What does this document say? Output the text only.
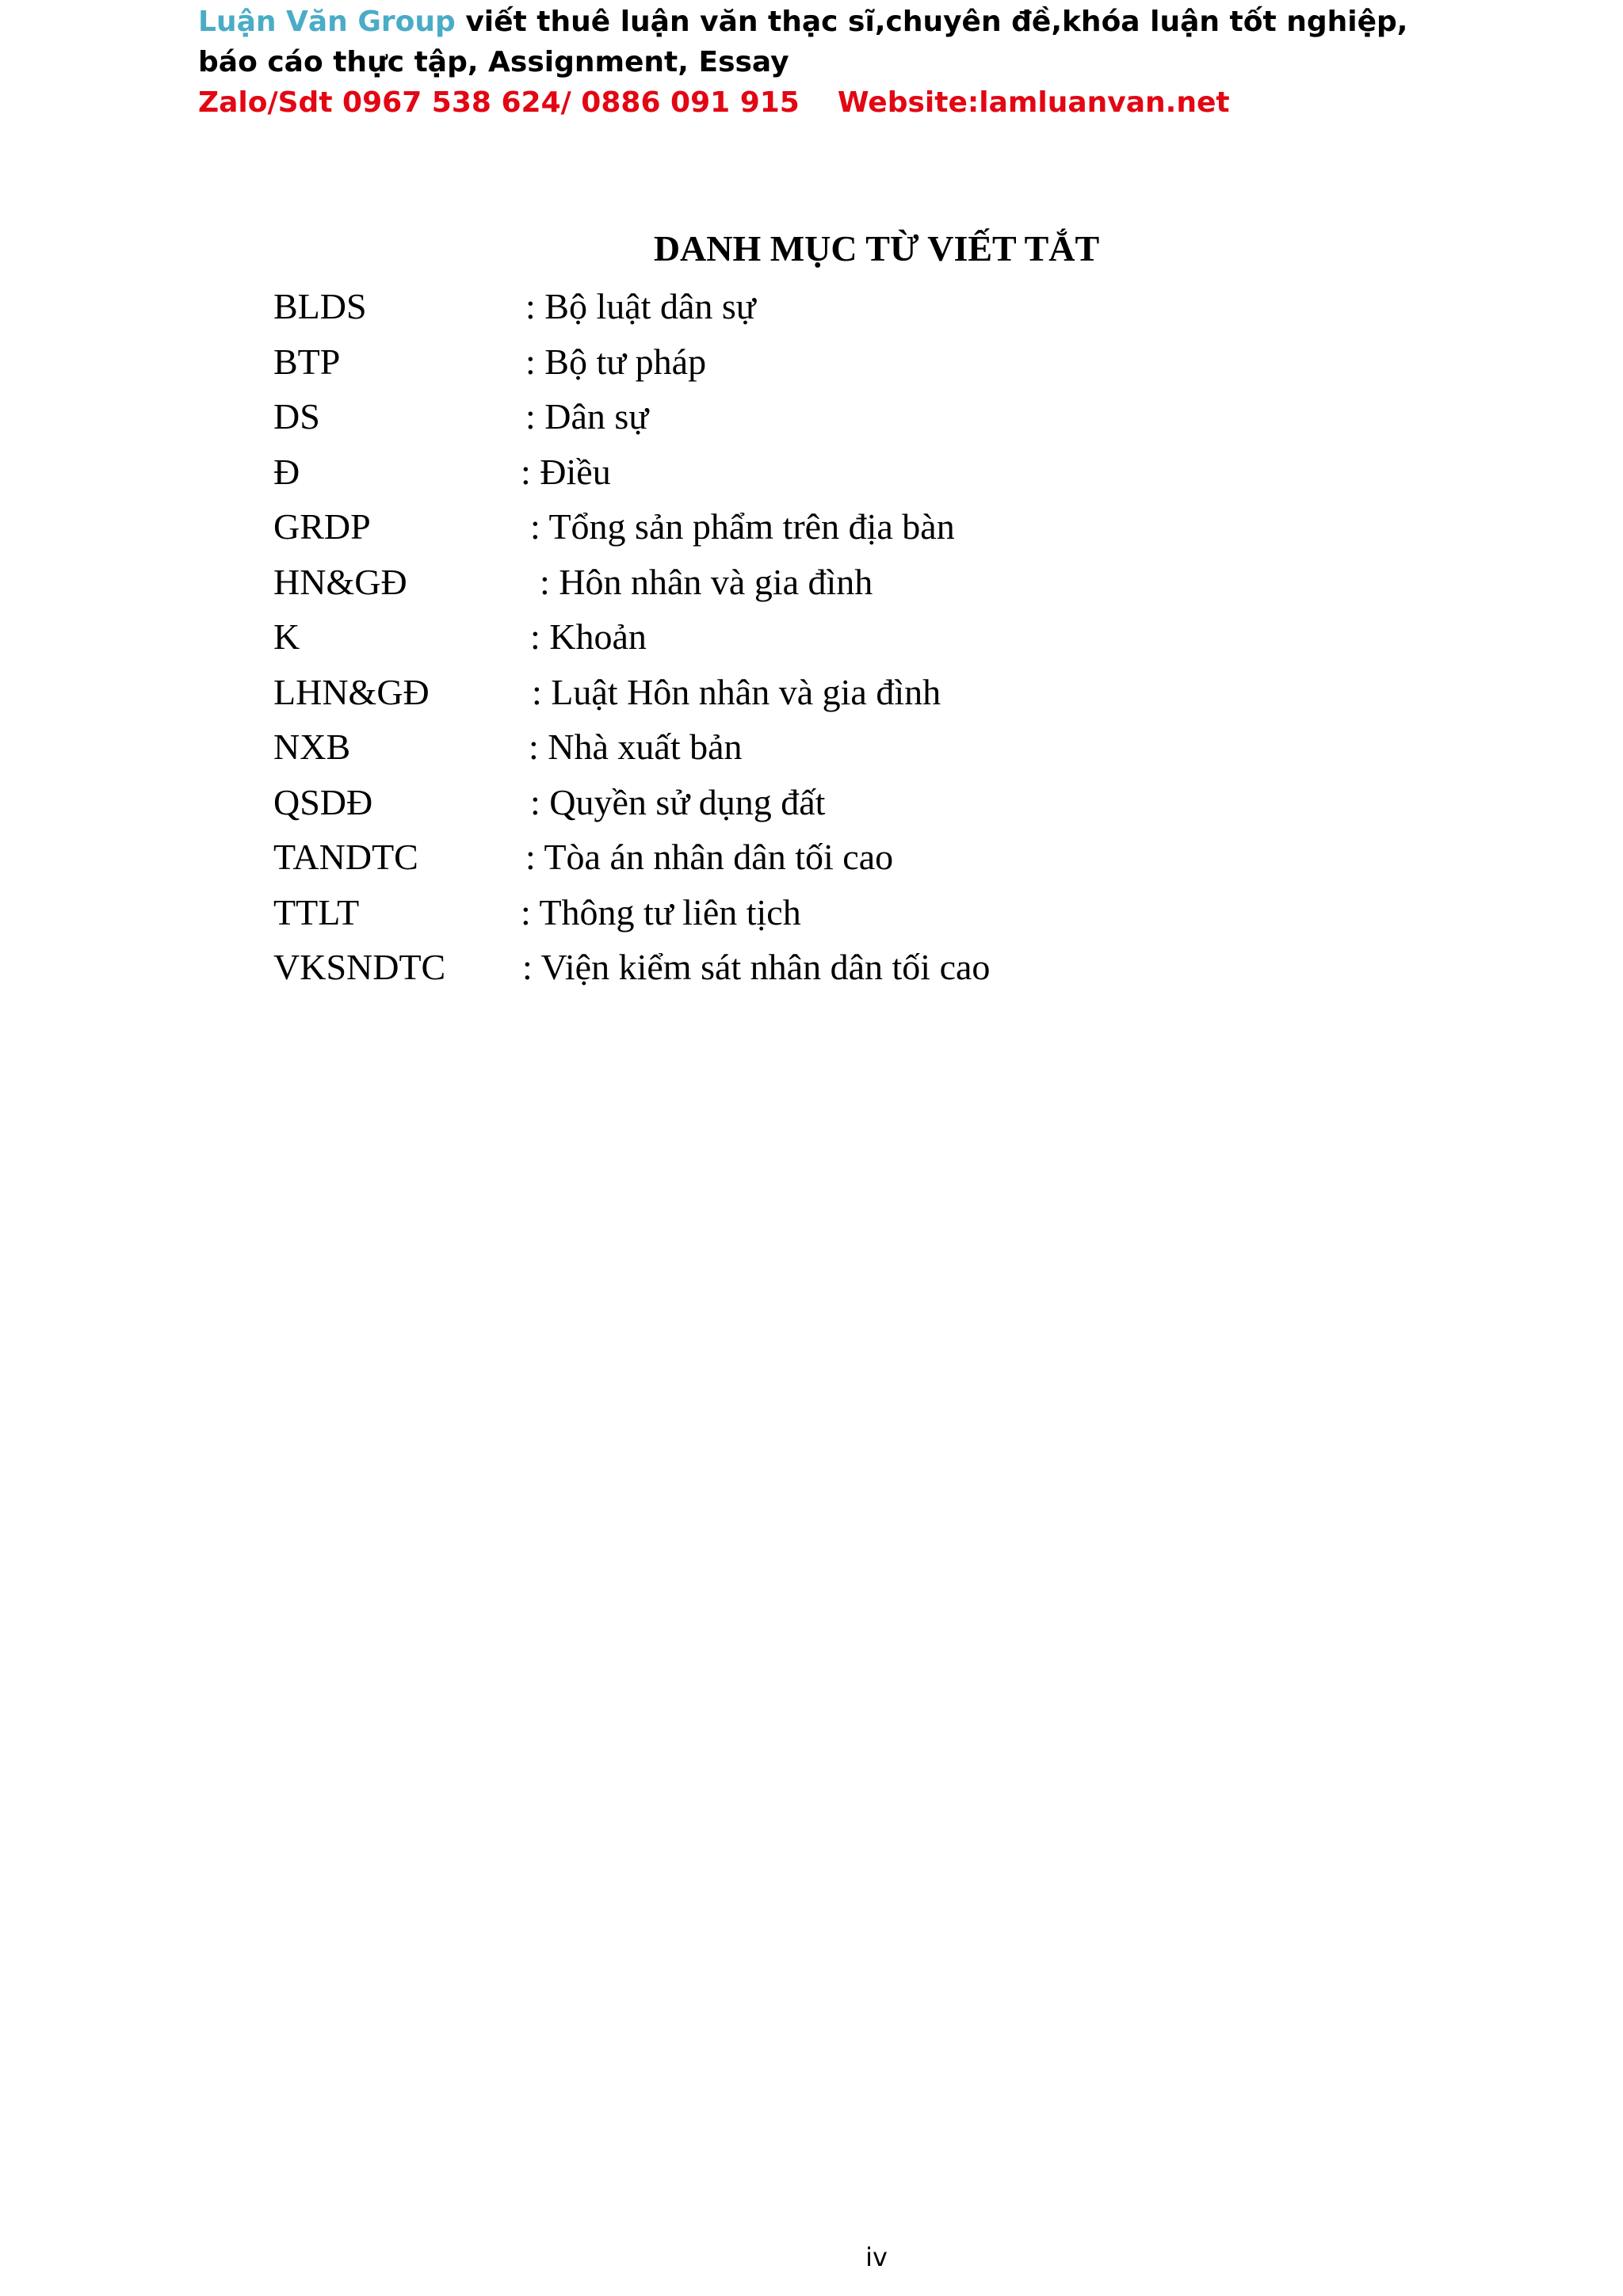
Luận Văn Group viết thuê luận văn thạc sĩ,chuyên đề,khóa luận tốt nghiệp, báo cáo thực tập, Assignment, Essay
Zalo/Sdt 0967 538 624/ 0886 091 915 Website:lamluanvan.net
DANH MỤC TỪ VIẾT TẮT
BLDS	: Bộ luật dân sự
BTP	: Bộ tư pháp
DS	: Dân sự
Đ	: Điều
GRDP	: Tổng sản phẩm trên địa bàn
HN&GĐ	: Hôn nhân và gia đình
K	: Khoản
LHN&GĐ	: Luật Hôn nhân và gia đình
NXB	: Nhà xuất bản
QSDĐ	: Quyền sử dụng đất
TANDTC	: Tòa án nhân dân tối cao
TTLT	: Thông tư liên tịch
VKSNDTC : Viện kiểm sát nhân dân tối cao
iv
